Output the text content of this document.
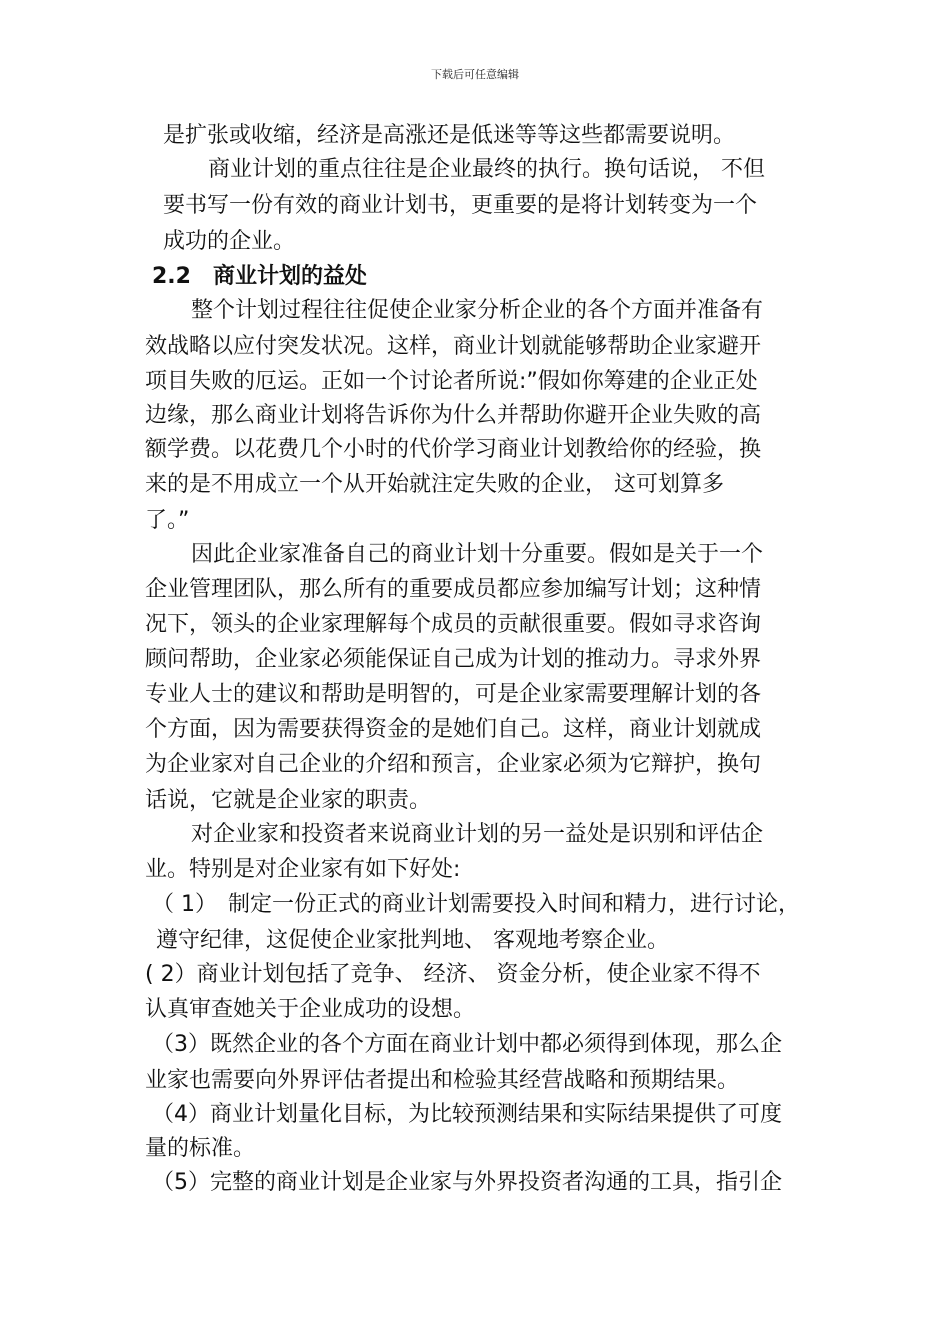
下载后可任意编辑
是扩张或收缩，经济是高涨还是低迷等等这些都需要说明。
商业计划的重点往往是企业最终的执行。换句话说， 不但
要书写一份有效的商业计划书，更重要的是将计划转变为一个
成功的企业。
2.2　商业计划的益处
整个计划过程往往促使企业家分析企业的各个方面并准备有
效战略以应付突发状况。这样，商业计划就能够帮助企业家避开
项目失败的厄运。正如一个讨论者所说:”假如你筹建的企业正处
边缘，那么商业计划将告诉你为什么并帮助你避开企业失败的高
额学费。以花费几个小时的代价学习商业计划教给你的经验，换
来的是不用成立一个从开始就注定失败的企业， 这可划算多
了。”
因此企业家准备自己的商业计划十分重要。假如是关于一个
企业管理团队，那么所有的重要成员都应参加编写计划；这种情
况下，领头的企业家理解每个成员的贡献很重要。假如寻求咨询
顾问帮助，企业家必须能保证自己成为计划的推动力。寻求外界
专业人士的建议和帮助是明智的，可是企业家需要理解计划的各
个方面，因为需要获得资金的是她们自己。这样，商业计划就成
为企业家对自己企业的介绍和预言，企业家必须为它辩护，换句
话说，它就是企业家的职责。
对企业家和投资者来说商业计划的另一益处是识别和评估企
业。特别是对企业家有如下好处:
（ 1）　制定一份正式的商业计划需要投入时间和精力，进行讨论，
遵守纪律，这促使企业家批判地、 客观地考察企业。
( 2）商业计划包括了竞争、 经济、 资金分析，使企业家不得不
认真审查她关于企业成功的设想。
（3）既然企业的各个方面在商业计划中都必须得到体现，那么企
业家也需要向外界评估者提出和检验其经营战略和预期结果。
（4）商业计划量化目标，为比较预测结果和实际结果提供了可度
量的标准。
（5）完整的商业计划是企业家与外界投资者沟通的工具，指引企
